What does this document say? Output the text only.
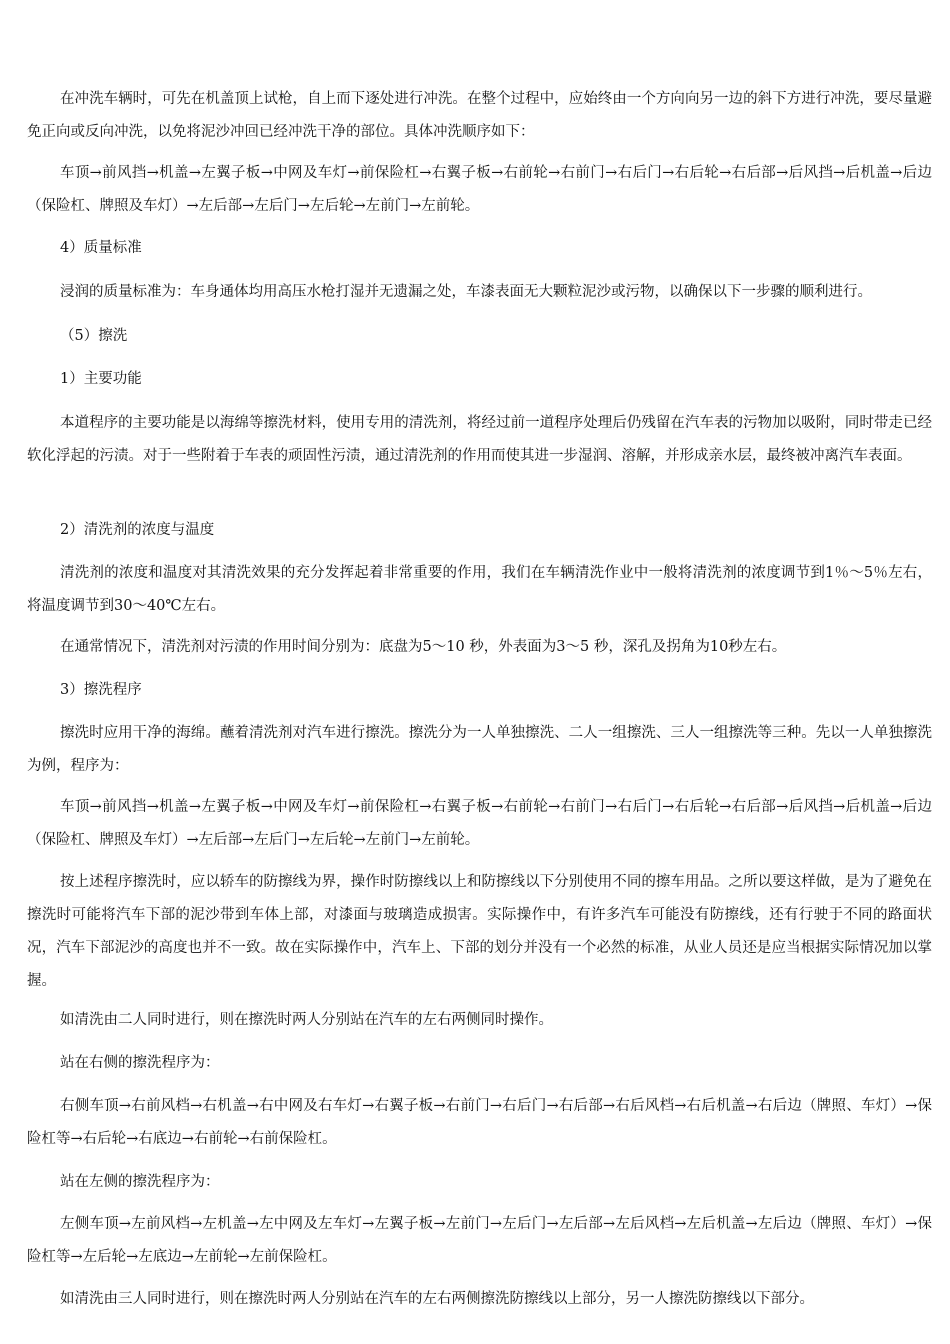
在冲洗车辆时，可先在机盖顶上试枪，自上而下逐处进行冲洗。在整个过程中，应始终由一个方向向另一边的斜下方进行冲洗，要尽量避免正向或反向冲洗，以免将泥沙冲回已经冲洗干净的部位。具体冲洗顺序如下：

车顶→前风挡→机盖→左翼子板→中网及车灯→前保险杠→右翼子板→右前轮→右前门→右后门→右后轮→右后部→后风挡→后机盖→后边（保险杠、牌照及车灯）→左后部→左后门→左后轮→左前门→左前轮。

4）质量标准

浸润的质量标准为：车身通体均用高压水枪打湿并无遗漏之处，车漆表面无大颗粒泥沙或污物，以确保以下一步骤的顺利进行。

（5）擦洗

1）主要功能

本道程序的主要功能是以海绵等擦洗材料，使用专用的清洗剂，将经过前一道程序处理后仍残留在汽车表的污物加以吸附，同时带走已经软化浮起的污渍。对于一些附着于车表的顽固性污渍，通过清洗剂的作用而使其进一步湿润、溶解，并形成亲水层，最终被冲离汽车表面。

2）清洗剂的浓度与温度

清洗剂的浓度和温度对其清洗效果的充分发挥起着非常重要的作用，我们在车辆清洗作业中一般将清洗剂的浓度调节到1％～5％左右，将温度调节到30～40℃左右。

在通常情况下，清洗剂对污渍的作用时间分别为：底盘为5～10 秒，外表面为3～5 秒，深孔及拐角为10秒左右。

3）擦洗程序

擦洗时应用干净的海绵。蘸着清洗剂对汽车进行擦洗。擦洗分为一人单独擦洗、二人一组擦洗、三人一组擦洗等三种。先以一人单独擦洗为例，程序为：

车顶→前风挡→机盖→左翼子板→中网及车灯→前保险杠→右翼子板→右前轮→右前门→右后门→右后轮→右后部→后风挡→后机盖→后边（保险杠、牌照及车灯）→左后部→左后门→左后轮→左前门→左前轮。

按上述程序擦洗时，应以轿车的防擦线为界，操作时防擦线以上和防擦线以下分别使用不同的擦车用品。之所以要这样做，是为了避免在擦洗时可能将汽车下部的泥沙带到车体上部，对漆面与玻璃造成损害。实际操作中，有许多汽车可能没有防擦线，还有行驶于不同的路面状况，汽车下部泥沙的高度也并不一致。故在实际操作中，汽车上、下部的划分并没有一个必然的标准，从业人员还是应当根据实际情况加以掌握。

如清洗由二人同时进行，则在擦洗时两人分别站在汽车的左右两侧同时操作。

站在右侧的擦洗程序为：

右侧车顶→右前风档→右机盖→右中网及右车灯→右翼子板→右前门→右后门→右后部→右后风档→右后机盖→右后边（牌照、车灯）→保险杠等→右后轮→右底边→右前轮→右前保险杠。

站在左侧的擦洗程序为：

左侧车顶→左前风档→左机盖→左中网及左车灯→左翼子板→左前门→左后门→左后部→左后风档→左后机盖→左后边（牌照、车灯）→保险杠等→左后轮→左底边→左前轮→左前保险杠。

如清洗由三人同时进行，则在擦洗时两人分别站在汽车的左右两侧擦洗防擦线以上部分，另一人擦洗防擦线以下部分。
